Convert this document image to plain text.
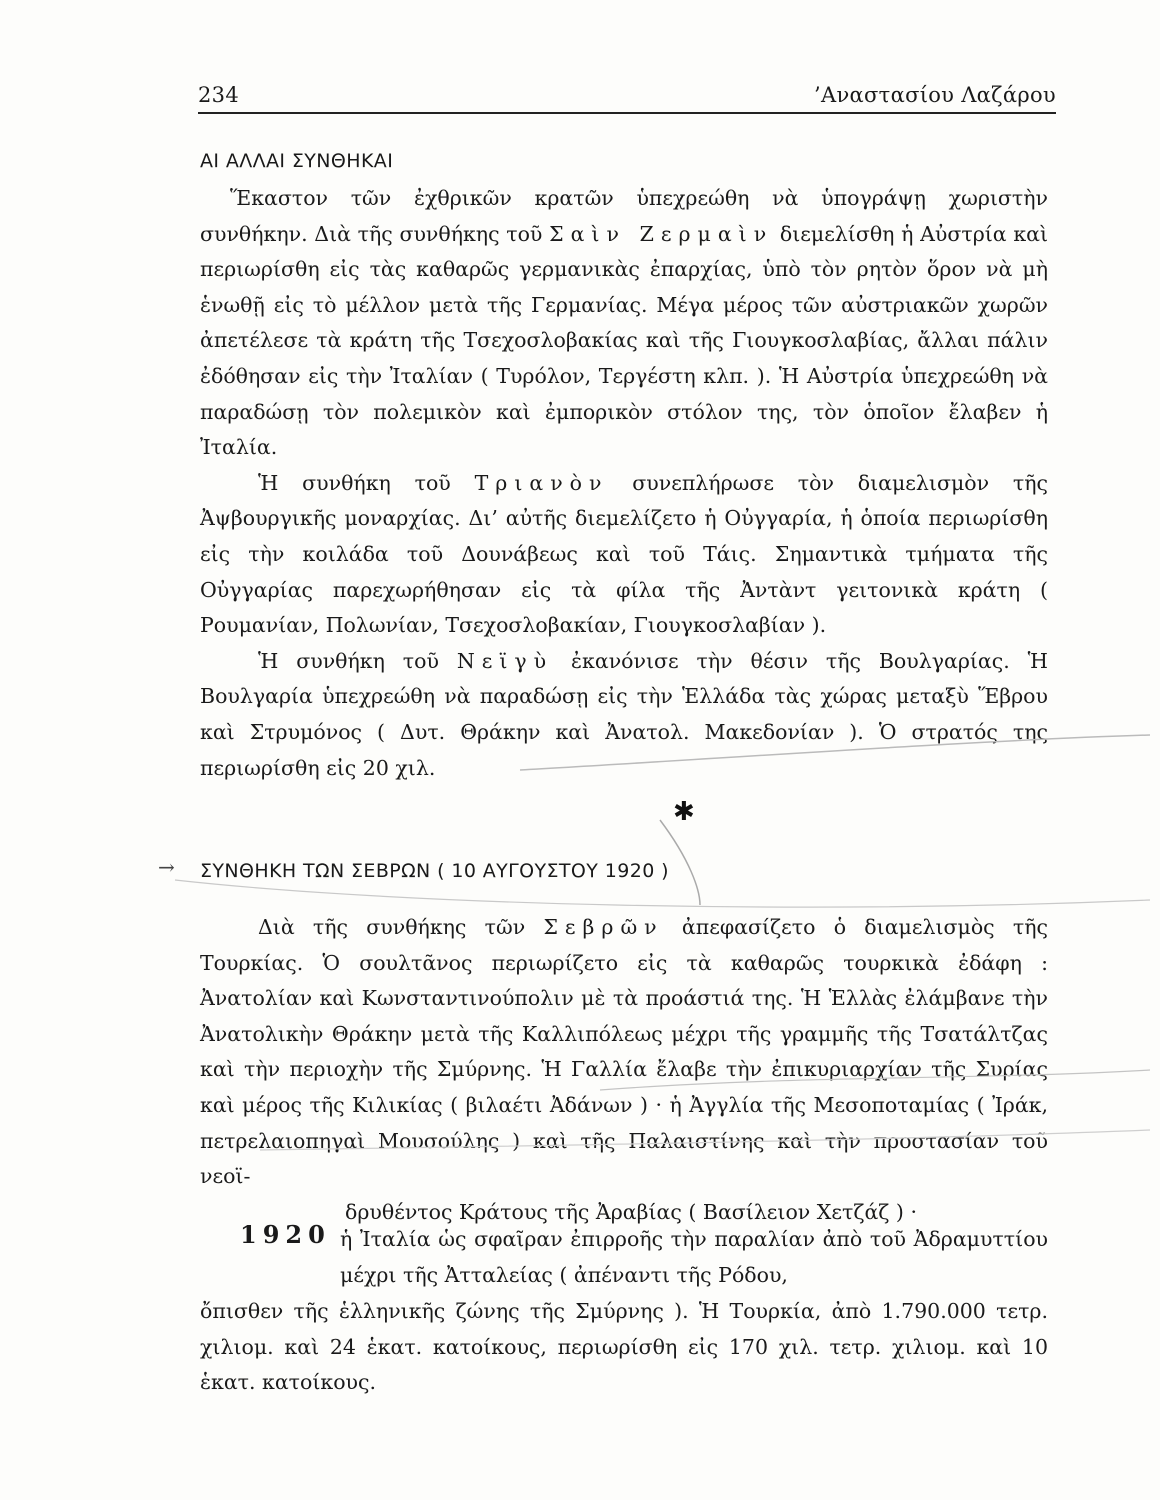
234	’Αναστασίου Λαζάρου
ΑΙ ΑΛΛΑΙ ΣΥΝΘΗΚΑΙ

Ἕκαστον τῶν ἐχθρικῶν κρατῶν ὑπεχρεώθη νὰ ὑπογράψῃ χωριστὴν συνθήκην. Διὰ τῆς συνθήκης τοῦ Σαὶν Ζερμαὶν διεμελίσθη ἡ Αὐστρία καὶ περιωρίσθη εἰς τὰς καθαρῶς γερμανικὰς ἐπαρχίας, ὑπὸ τὸν ρητὸν ὅρον νὰ μὴ ἑνωθῇ εἰς τὸ μέλλον μετὰ τῆς Γερμανίας. Μέγα μέρος τῶν αὐστριακῶν χωρῶν ἀπετέλεσε τὰ κράτη τῆς Τσεχοσλοβακίας καὶ τῆς Γιουγκοσλαβίας, ἄλλαι πάλιν ἐδόθησαν εἰς τὴν Ἰταλίαν ( Τυρόλον, Τεργέστη κλπ. ). Ἡ Αὐστρία ὑπεχρεώθη νὰ παραδώσῃ τὸν πολεμικὸν καὶ ἐμπορικὸν στόλον της, τὸν ὁποῖον ἔλαβεν ἡ Ἰταλία.

Ἡ συνθήκη τοῦ Τριανὸν συνεπλήρωσε τὸν διαμελισμὸν τῆς Ἀψβουργικῆς μοναρχίας. Δι’ αὐτῆς διεμελίζετο ἡ Οὐγγαρία, ἡ ὁποία περιωρίσθη εἰς τὴν κοιλάδα τοῦ Δουνάβεως καὶ τοῦ Τάις. Σημαντικὰ τμήματα τῆς Οὐγγαρίας παρεχωρήθησαν εἰς τὰ φίλα τῆς Ἀντὰντ γειτονικὰ κράτη ( Ρουμανίαν, Πολωνίαν, Τσεχοσλοβακίαν, Γιουγκοσλαβίαν ).

Ἡ συνθήκη τοῦ Νεϊγὺ ἐκανόνισε τὴν θέσιν τῆς Βουλγαρίας. Ἡ Βουλγαρία ὑπεχρεώθη νὰ παραδώσῃ εἰς τὴν Ἑλλάδα τὰς χώρας μεταξὺ Ἕβρου καὶ Στρυμόνος ( Δυτ. Θράκην καὶ Ἀνατολ. Μακεδονίαν ). Ὁ στρατός της περιωρίσθη εἰς 20 χιλ.

ΣΥΝΘΗΚΗ ΤΩΝ ΣΕΒΡΩΝ ( 10 ΑΥΓΟΥΣΤΟΥ 1920 )

Διὰ τῆς συνθήκης τῶν Σεβρῶν ἀπεφασίζετο ὁ διαμελισμὸς τῆς Τουρκίας. Ὁ σουλτᾶνος περιωρίζετο εἰς τὰ καθαρῶς τουρκικὰ ἐδάφη : Ἀνατολίαν καὶ Κωνσταντινούπολιν μὲ τὰ προάστιά της. Ἡ Ἑλλὰς ἐλάμβανε τὴν Ἀνατολικὴν Θράκην μετὰ τῆς Καλλιπόλεως μέχρι τῆς γραμμῆς τῆς Τσατάλτζας καὶ τὴν περιοχὴν τῆς Σμύρνης. Ἡ Γαλλία ἔλαβε τὴν ἐπικυριαρχίαν τῆς Συρίας καὶ μέρος τῆς Κιλικίας ( βιλαέτι Ἀδάνων ) · ἡ Ἀγγλία τῆς Μεσοποταμίας ( Ἰράκ, πετρελαιοπηγαὶ Μουσούλης ) καὶ τῆς Παλαιστίνης καὶ τὴν προστασίαν τοῦ νεοϊ-

δρυθέντος Κράτους τῆς Ἀραβίας ( Βασίλειον Χετζάζ ) ·

1920 ἡ Ἰταλία ὡς σφαῖραν ἐπιρροῆς τὴν παραλίαν ἀπὸ τοῦ Ἀδραμυττίου μέχρι τῆς Ἀτταλείας ( ἀπέναντι τῆς Ρόδου,

ὄπισθεν τῆς ἑλληνικῆς ζώνης τῆς Σμύρνης ). Ἡ Τουρκία, ἀπὸ 1.790.000 τετρ. χιλιομ. καὶ 24 ἑκατ. κατοίκους, περιωρίσθη εἰς 170 χιλ. τετρ. χιλιομ. καὶ 10 ἑκατ. κατοίκους.

→
✱
